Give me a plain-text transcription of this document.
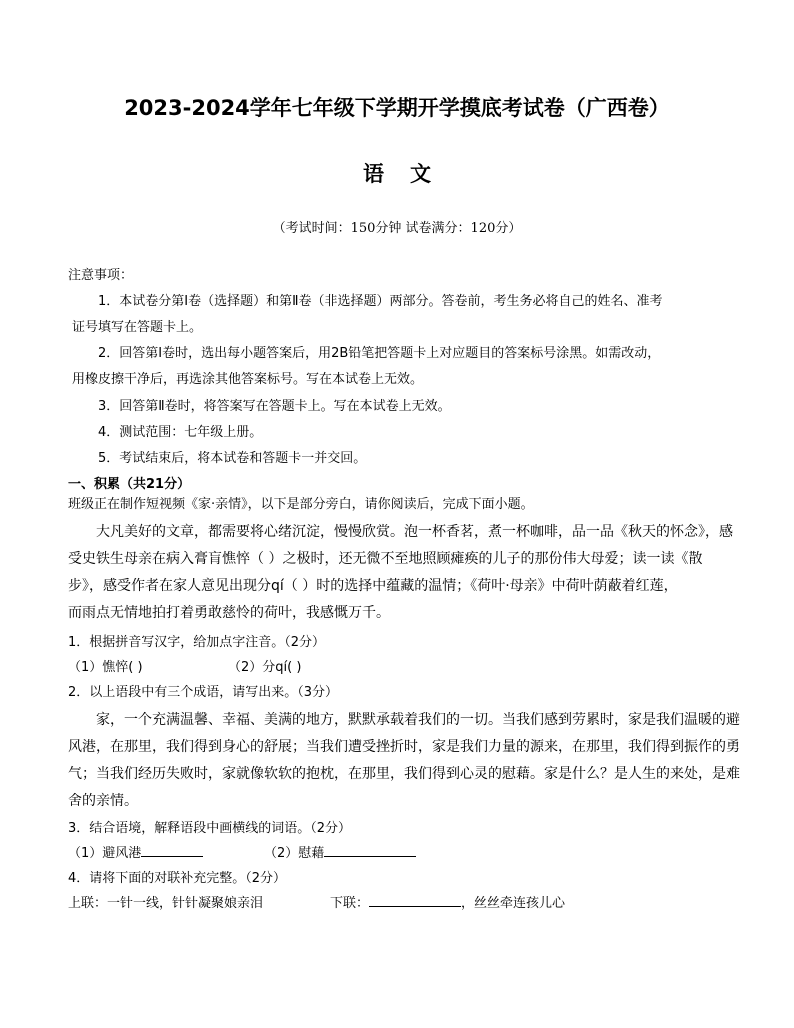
2023-2024学年七年级下学期开学摸底考试卷（广西卷）
语文
（考试时间：150分钟 试卷满分：120分）
注意事项：
1．本试卷分第Ⅰ卷（选择题）和第Ⅱ卷（非选择题）两部分。答卷前，考生务必将自己的姓名、准考
证号填写在答题卡上。
2．回答第Ⅰ卷时，选出每小题答案后，用2B铅笔把答题卡上对应题目的答案标号涂黑。如需改动，
用橡皮擦干净后，再选涂其他答案标号。写在本试卷上无效。
3．回答第Ⅱ卷时，将答案写在答题卡上。写在本试卷上无效。
4．测试范围：七年级上册。
5．考试结束后，将本试卷和答题卡一并交回。
一、积累（共21分）
班级正在制作短视频《家·亲情》，以下是部分旁白，请你阅读后，完成下面小题。
大凡美好的文章，都需要将心绪沉淀，慢慢欣赏。泡一杯香茗，煮一杯咖啡，品一品《秋天的怀念》，感
受史铁生母亲在病入膏肓憔悴（ ）之极时，还无微不至地照顾瘫痪的儿子的那份伟大母爱；读一读《散
步》，感受作者在家人意见出现分qí（ ）时的选择中蕴藏的温情；《荷叶·母亲》中荷叶荫蔽着红莲，
而雨点无情地拍打着勇敢慈怜的荷叶，我感慨万千。
1．根据拼音写汉字，给加点字注音。（2分）
（1）憔悴( )	（2）分qí( )
2．以上语段中有三个成语，请写出来。（3分）
家，一个充满温馨、幸福、美满的地方，默默承载着我们的一切。当我们感到劳累时，家是我们温暖的避
风港，在那里，我们得到身心的舒展；当我们遭受挫折时，家是我们力量的源来，在那里，我们得到振作的勇
气；当我们经历失败时，家就像软软的抱枕，在那里，我们得到心灵的慰藉。家是什么？是人生的来处，是难
舍的亲情。
3．结合语境，解释语段中画横线的词语。（2分）
（1）避风港	（2）慰藉
4．请将下面的对联补充完整。（2分）
上联：一针一线，针针凝聚娘亲泪	下联：	，丝丝牵连孩儿心
